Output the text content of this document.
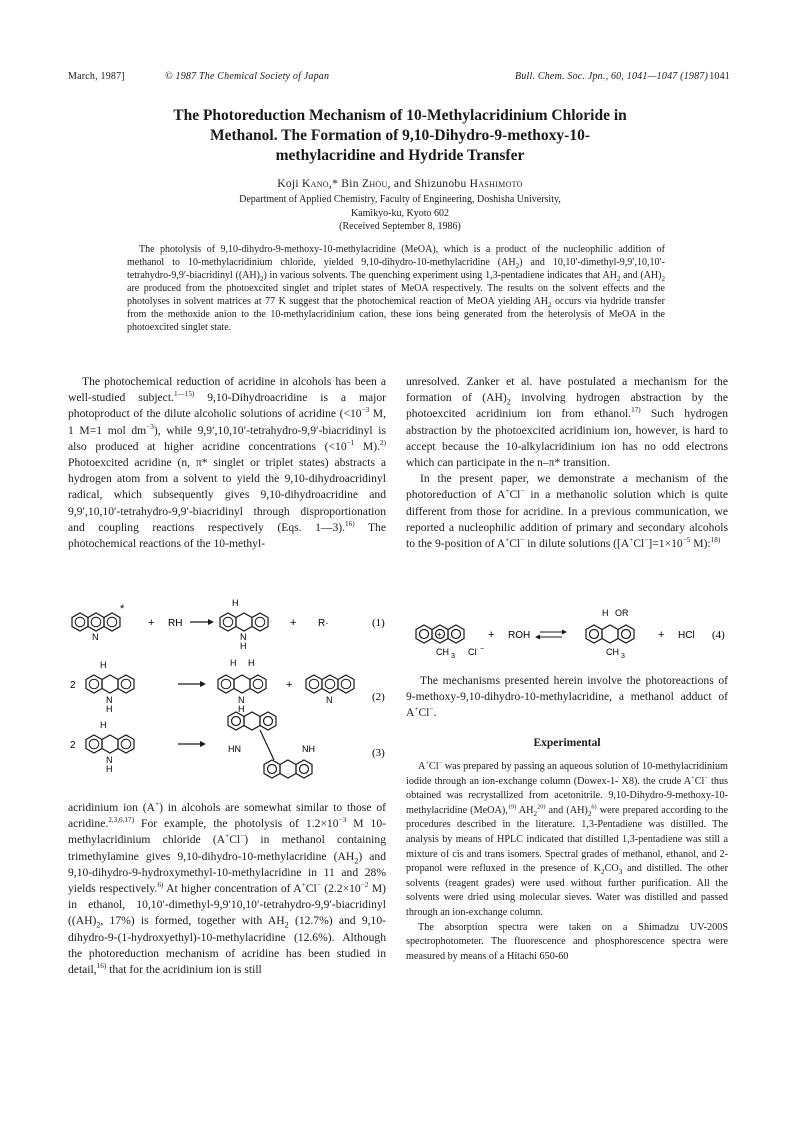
March, 1987]	© 1987 The Chemical Society of Japan	Bull. Chem. Soc. Jpn., 60, 1041—1047 (1987) 1041
The Photoreduction Mechanism of 10-Methylacridinium Chloride in
Methanol. The Formation of 9,10-Dihydro-9-methoxy-10-
methylacridine and Hydride Transfer
Koji Kano,* Bin Zhou, and Shizunobu Hashimoto
Department of Applied Chemistry, Faculty of Engineering, Doshisha University,
Kamikyo-ku, Kyoto 602
(Received September 8, 1986)
The photolysis of 9,10-dihydro-9-methoxy-10-methylacridine (MeOA), which is a product of the nucleophilic addition of methanol to 10-methylacridinium chloride, yielded 9,10-dihydro-10-methylacridine $(AH_2)$ and 10,10′-dimethyl-9,9′,10,10′-tetrahydro-9,9′-biacridinyl $((AH)_2)$ in various solvents. The quenching experiment using 1,3-pentadiene indicates that $AH_2$ and $(AH)_2$ are produced from the photoexcited singlet and triplet states of MeOA respectively. The results on the solvent effects and the photolyses in solvent matrices at 77 K suggest that the photochemical reaction of MeOA yielding $AH_2$ occurs via hydride transfer from the methoxide anion to the 10-methylacridinium cation, these ions being generated from the heterolysis of MeOA in the photoexcited singlet state.

The photochemical reduction of acridine in alcohols has been a well-studied subject.$^{1—15)}$ 9,10-Dihydroacridine is a major photoproduct of the dilute alcoholic solutions of acridine ($<10^{-3}$ M, 1 M=1 mol $dm^{-3}$), while 9,9′,10,10′-tetrahydro-9,9′-biacridinyl is also produced at higher acridine concentrations ($<10^{-1}$ M).$^{2)}$ Photoexcited acridine (n, π* singlet or triplet states) abstracts a hydrogen atom from a solvent to yield the 9,10-dihydroacridinyl radical, which subsequently gives 9,10-dihydroacridine and 9,9′,10,10′-tetrahydro-9,9′-biacridinyl through disproportionation and coupling reactions respectively (Eqs. 1—3).$^{16)}$ The photochemical reactions of the 10-methyl-

N
*
+ RH
H
N
H
+ R·	(1)
2
H
N
H
H H
N
H
+
N	(2)
2
H
N
H
HN	NH	(3)

acridinium ion (A+) in alcohols are somewhat similar to those of acridine.$^{2,3,6,17)}$ For example, the photolysis of $1.2\times 10^{-3}$ M 10-methylacridinium chloride (A+Cl−) in methanol containing trimethylamine gives 9,10-dihydro-10-methylacridine $(AH_2)$ and 9,10-dihydro-9-hydroxymethyl-10-methylacridine in 11 and 28% yields respectively.$^{6)}$ At higher concentration of A+Cl− ($2.2\times 10^{-2}$ M) in ethanol, 10,10′-dimethyl-9,9′10,10′-tetrahydro-9,9′-biacridinyl ($(AH)_2$, 17%) is formed, together with $AH_2$ (12.7%) and 9,10-dihydro-9-(1-hydroxyethyl)-10-methylacridine (12.6%). Although the photoreduction mechanism of acridine has been studied in detail,$^{16)}$ that for the acridinium ion is still

unresolved. Zanker et al. have postulated a mechanism for the formation of $(AH)_2$ involving hydrogen abstraction by the photoexcited acridinium ion from ethanol.$^{17)}$ Such hydrogen abstraction by the photoexcited acridinium ion, however, is hard to accept because the 10-alkylacridinium ion has no odd electrons which can participate in the n–π* transition.

In the present paper, we demonstrate a mechanism of the photoreduction of A+Cl− in a methanolic solution which is quite different from those for acridine. In a previous communication, we reported a nucleophilic addition of primary and secondary alcohols to the 9-position of A+Cl− in dilute solutions ($[A^+Cl^-]=1\times 10^{-5}$ M):$^{18)}$

+
CH 3 Cl −
+ ROH
H OR
CH 3
+ HCl (4)

The mechanisms presented herein involve the photoreactions of 9-methoxy-9,10-dihydro-10-methylacridine, a methanol adduct of A+Cl−.

Experimental

A+Cl− was prepared by passing an aqueous solution of 10-methylacridinium iodide through an ion-exchange column (Dowex-1- X8). the crude A+Cl− thus obtained was recrystallized from acetonitrile. 9,10-Dihydro-9-methoxy-10-methylacridine (MeOA),$^{19)}$ $AH_2^{20)}$ and $(AH)_2^{6)}$ were prepared according to the procedures described in the literature. 1,3-Pentadiene was distilled. The analysis by means of HPLC indicated that distilled 1,3-pentadiene was still a mixture of cis and trans isomers. Spectral grades of methanol, ethanol, and 2-propanol were refluxed in the presence of $K_2CO_3$ and distilled. The other solvents (reagent grades) were used without further purification. All the solvents were dried using molecular sieves. Water was distilled and passed through an ion-exchange column.

The absorption spectra were taken on a Shimadzu UV-200S spectrophotometer. The fluorescence and phosphorescence spectra were measured by means of a Hitachi 650-60
